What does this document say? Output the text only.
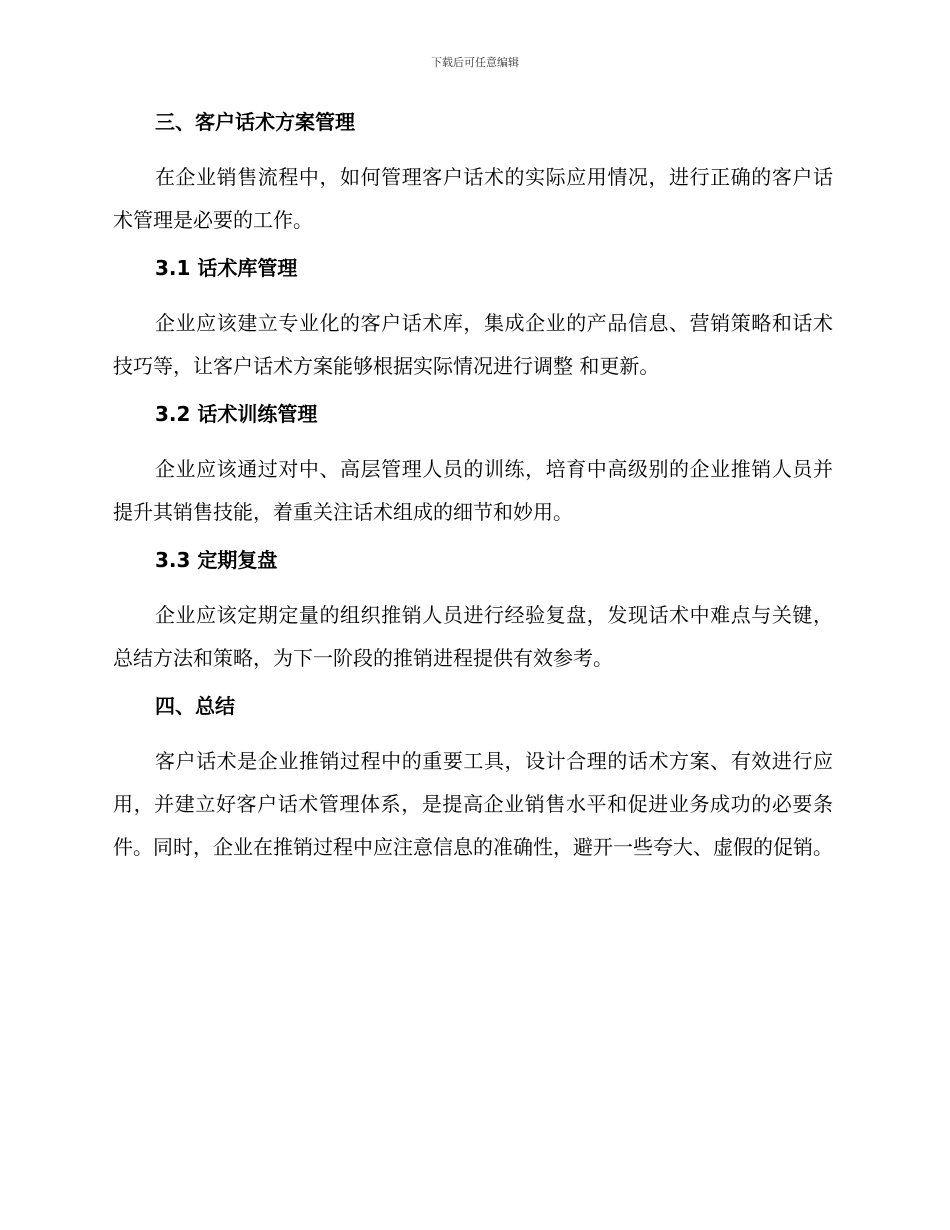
下载后可任意编辑
三、客户话术方案管理

在企业销售流程中，如何管理客户话术的实际应用情况，进行正确的客户话术管理是必要的工作。

3.1 话术库管理

企业应该建立专业化的客户话术库，集成企业的产品信息、营销策略和话术技巧等，让客户话术方案能够根据实际情况进行调整 和更新。

3.2 话术训练管理

企业应该通过对中、高层管理人员的训练，培育中高级别的企业推销人员并提升其销售技能，着重关注话术组成的细节和妙用。

3.3 定期复盘

企业应该定期定量的组织推销人员进行经验复盘，发现话术中难点与关键，总结方法和策略，为下一阶段的推销进程提供有效参考。

四、总结

客户话术是企业推销过程中的重要工具，设计合理的话术方案、有效进行应用，并建立好客户话术管理体系，是提高企业销售水平和促进业务成功的必要条件。同时，企业在推销过程中应注意信息的准确性，避开一些夸大、虚假的促销。
